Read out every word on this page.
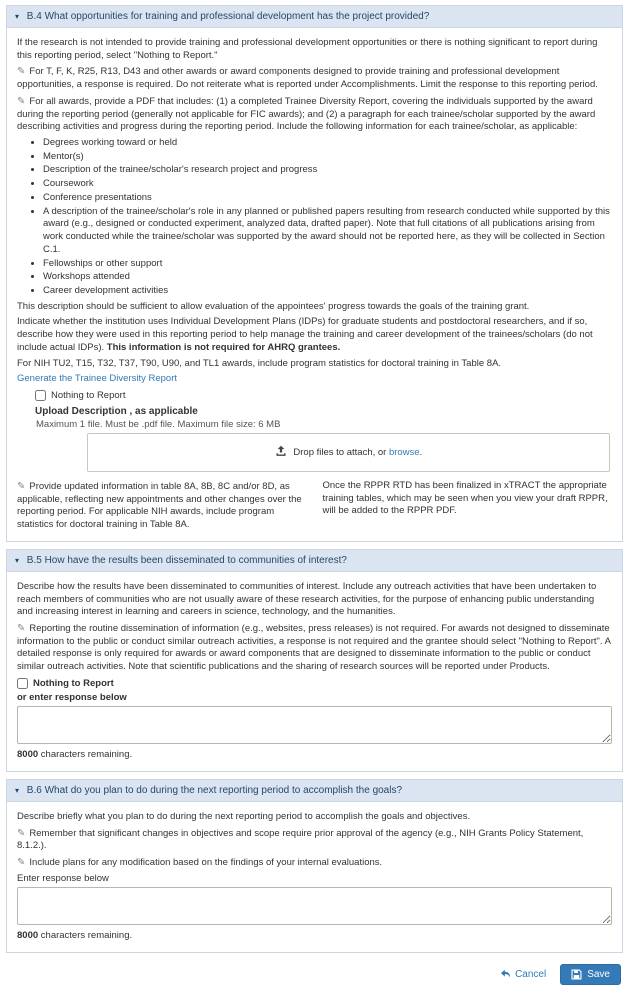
▾ B.4 What opportunities for training and professional development has the project provided?

If the research is not intended to provide training and professional development opportunities or there is nothing significant to report during this reporting period, select "Nothing to Report."

✎ For T, F, K, R25, R13, D43 and other awards or award components designed to provide training and professional development opportunities, a response is required. Do not reiterate what is reported under Accomplishments. Limit the response to this reporting period.

✎ For all awards, provide a PDF that includes: (1) a completed Trainee Diversity Report, covering the individuals supported by the award during the reporting period (generally not applicable for FIC awards); and (2) a paragraph for each trainee/scholar supported by the award describing activities and progress during the reporting period. Include the following information for each trainee/scholar, as applicable:

• Degrees working toward or held
• Mentor(s)
• Description of the trainee/scholar's research project and progress
• Coursework
• Conference presentations
• A description of the trainee/scholar's role in any planned or published papers resulting from research conducted while supported by this award (e.g., designed or conducted experiment, analyzed data, drafted paper). Note that full citations of all publications arising from work conducted while the trainee/scholar was supported by the award should not be reported here, as they will be collected in Section C.1.
• Fellowships or other support
• Workshops attended
• Career development activities

This description should be sufficient to allow evaluation of the appointees' progress towards the goals of the training grant.

Indicate whether the institution uses Individual Development Plans (IDPs) for graduate students and postdoctoral researchers, and if so, describe how they were used in this reporting period to help manage the training and career development of the trainees/scholars (do not include actual IDPs). This information is not required for AHRQ grantees.

For NIH TU2, T15, T32, T37, T90, U90, and TL1 awards, include program statistics for doctoral training in Table 8A.

Generate the Trainee Diversity Report

Nothing to Report
Upload Description , as applicable
Maximum 1 file. Must be .pdf file. Maximum file size: 6 MB
Drop files to attach, or browse.
✎ Provide updated information in table 8A, 8B, 8C and/or 8D, as applicable, reflecting new appointments and other changes over the reporting period. For applicable NIH awards, include program statistics for doctoral training in Table 8A.
Once the RPPR RTD has been finalized in xTRACT the appropriate training tables, which may be seen when you view your draft RPPR, will be added to the RPPR PDF.
▾ B.5 How have the results been disseminated to communities of interest?

Describe how the results have been disseminated to communities of interest. Include any outreach activities that have been undertaken to reach members of communities who are not usually aware of these research activities, for the purpose of enhancing public understanding and increasing interest in learning and careers in science, technology, and the humanities.

✎ Reporting the routine dissemination of information (e.g., websites, press releases) is not required. For awards not designed to disseminate information to the public or conduct similar outreach activities, a response is not required and the grantee should select "Nothing to Report". A detailed response is only required for awards or award components that are designed to disseminate information to the public or conduct similar outreach activities. Note that scientific publications and the sharing of research sources will be reported under Products.

Nothing to Report
or enter response below
8000 characters remaining.
▾ B.6 What do you plan to do during the next reporting period to accomplish the goals?

Describe briefly what you plan to do during the next reporting period to accomplish the goals and objectives.

✎ Remember that significant changes in objectives and scope require prior approval of the agency (e.g., NIH Grants Policy Statement, 8.1.2.).

✎ Include plans for any modification based on the findings of your internal evaluations.

Enter response below
8000 characters remaining.
Cancel	Save
